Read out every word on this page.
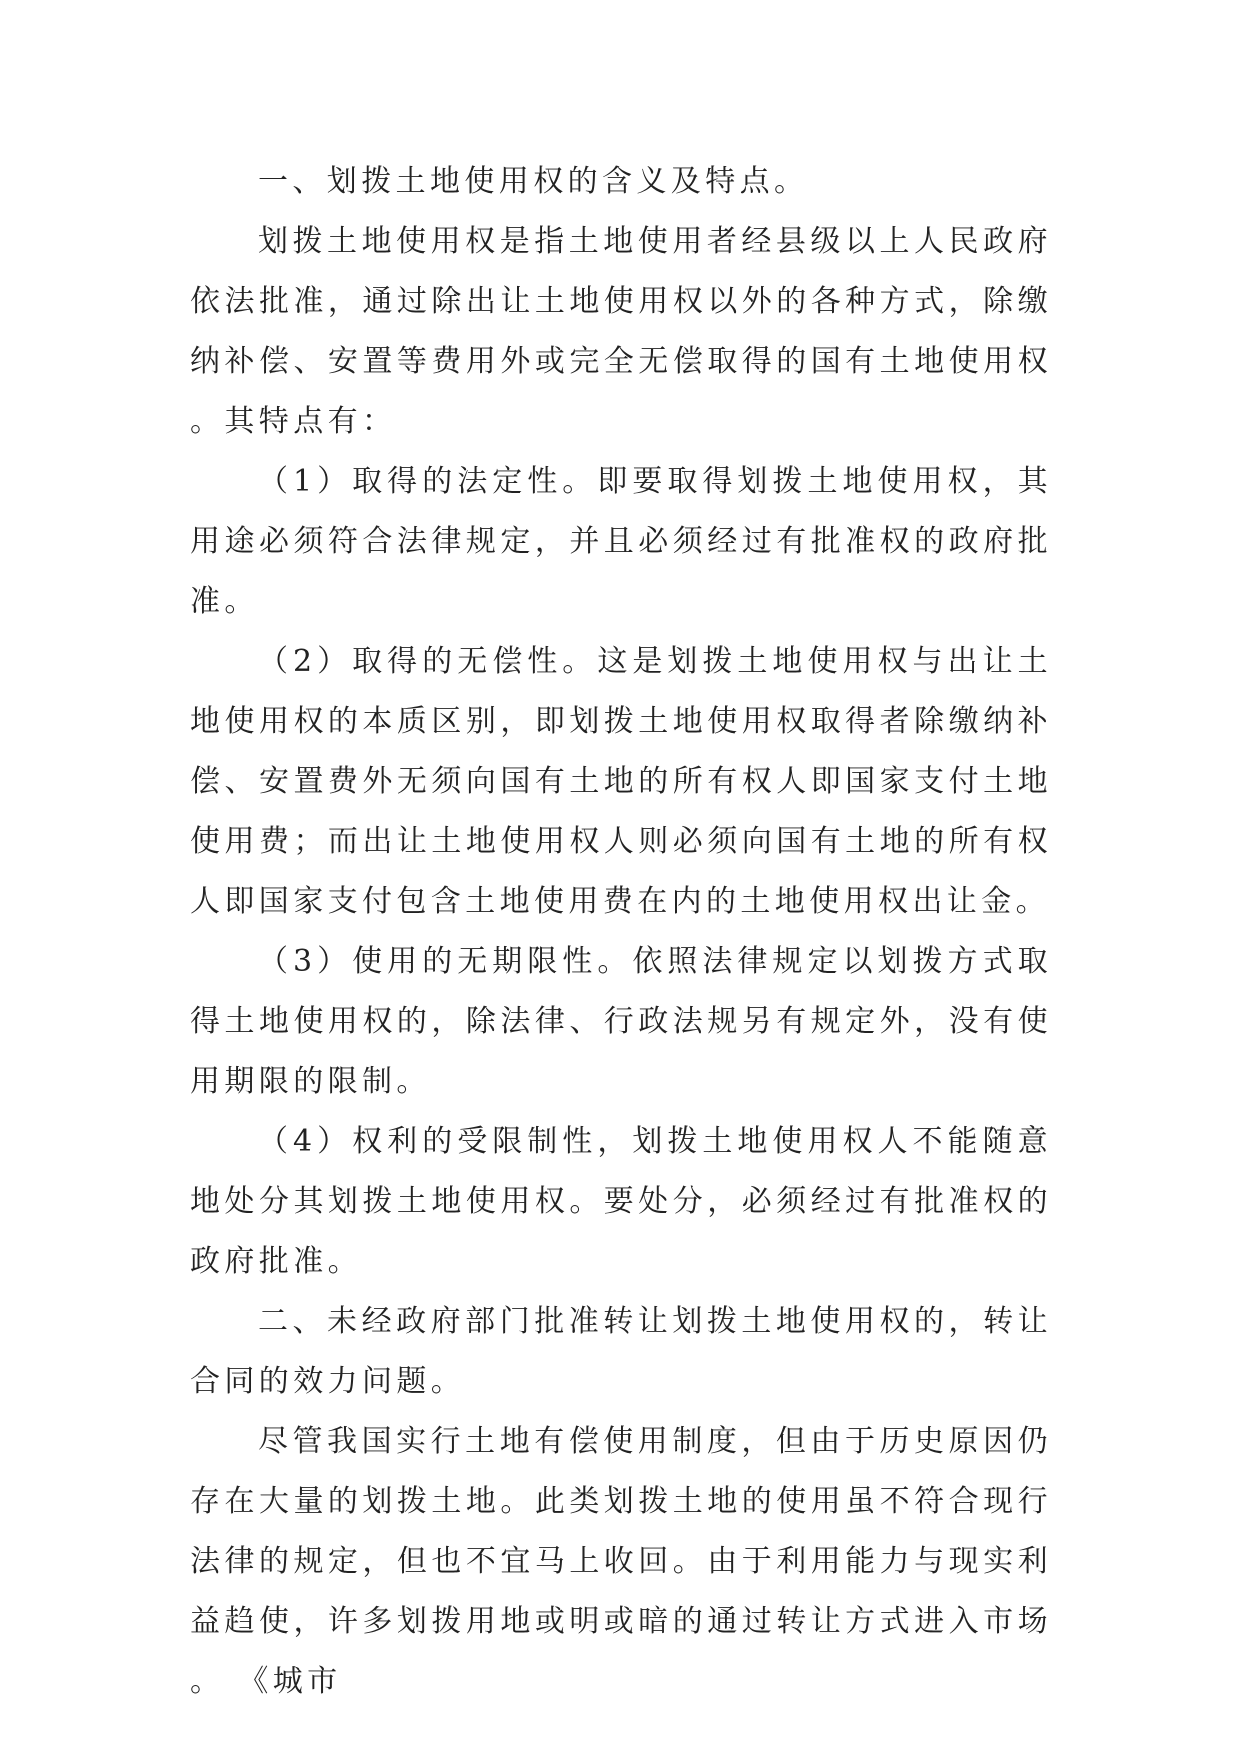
一、划拨土地使用权的含义及特点。

划拨土地使用权是指土地使用者经县级以上人民政府依法批准，通过除出让土地使用权以外的各种方式，除缴纳补偿、安置等费用外或完全无偿取得的国有土地使用权。其特点有：

（1）取得的法定性。即要取得划拨土地使用权，其用途必须符合法律规定，并且必须经过有批准权的政府批准。

（2）取得的无偿性。这是划拨土地使用权与出让土地使用权的本质区别，即划拨土地使用权取得者除缴纳补偿、安置费外无须向国有土地的所有权人即国家支付土地使用费；而出让土地使用权人则必须向国有土地的所有权人即国家支付包含土地使用费在内的土地使用权出让金。

（3）使用的无期限性。依照法律规定以划拨方式取得土地使用权的，除法律、行政法规另有规定外，没有使用期限的限制。

（4）权利的受限制性，划拨土地使用权人不能随意地处分其划拨土地使用权。要处分，必须经过有批准权的政府批准。

二、未经政府部门批准转让划拨土地使用权的，转让合同的效力问题。

尽管我国实行土地有偿使用制度，但由于历史原因仍存在大量的划拨土地。此类划拨土地的使用虽不符合现行法律的规定，但也不宜马上收回。由于利用能力与现实利益趋使，许多划拨用地或明或暗的通过转让方式进入市场。 《城市
